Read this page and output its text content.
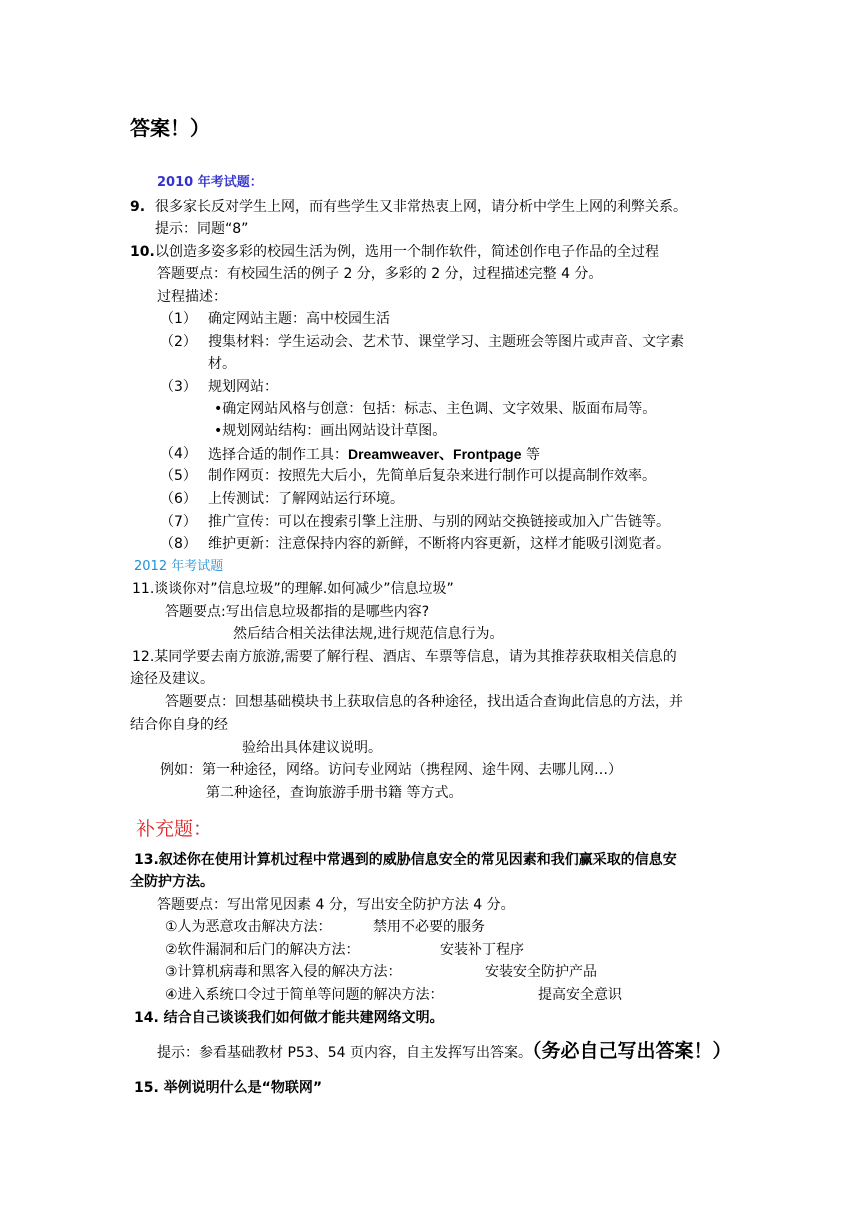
答案！）
2010 年考试题：
9. 很多家长反对学生上网，而有些学生又非常热衷上网，请分析中学生上网的利弊关系。
提示：同题“8”
10. 以创造多姿多彩的校园生活为例，选用一个制作软件，简述创作电子作品的全过程
答题要点：有校园生活的例子 2 分，多彩的 2 分，过程描述完整 4 分。
过程描述：
（1） 确定网站主题：高中校园生活
（2） 搜集材料：学生运动会、艺术节、课堂学习、主题班会等图片或声音、文字素
材。
（3） 规划网站：
•确定网站风格与创意：包括：标志、主色调、文字效果、版面布局等。
•规划网站结构：画出网站设计草图。
（4） 选择合适的制作工具：Dreamweaver、Frontpage 等
（5） 制作网页：按照先大后小，先简单后复杂来进行制作可以提高制作效率。
（6） 上传测试：了解网站运行环境。
（7） 推广宣传：可以在搜索引擎上注册、与别的网站交换链接或加入广告链等。
（8） 维护更新：注意保持内容的新鲜，不断将内容更新，这样才能吸引浏览者。
2012 年考试题
11.谈谈你对”信息垃圾”的理解.如何减少”信息垃圾”
答题要点:写出信息垃圾都指的是哪些内容?
然后结合相关法律法规,进行规范信息行为。
12.某同学要去南方旅游,需要了解行程、酒店、车票等信息，请为其推荐获取相关信息的
途径及建议。
答题要点：回想基础模块书上获取信息的各种途径，找出适合查询此信息的方法，并
结合你自身的经
验给出具体建议说明。
例如：第一种途径，网络。访问专业网站（携程网、途牛网、去哪儿网…）
第二种途径，查询旅游手册书籍 等方式。
补充题：
13.叙述你在使用计算机过程中常遇到的威胁信息安全的常见因素和我们赢采取的信息安
全防护方法。
答题要点：写出常见因素 4 分，写出安全防护方法 4 分。
①人为恶意攻击解决方法：	禁用不必要的服务
②软件漏洞和后门的解决方法：	安装补丁程序
③计算机病毒和黑客入侵的解决方法：	安装安全防护产品
④进入系统口令过于简单等问题的解决方法：	提高安全意识
14. 结合自己谈谈我们如何做才能共建网络文明。
提示：参看基础教材 P53、54 页内容，自主发挥写出答案。（务必自己写出答案！）
15. 举例说明什么是“物联网”
